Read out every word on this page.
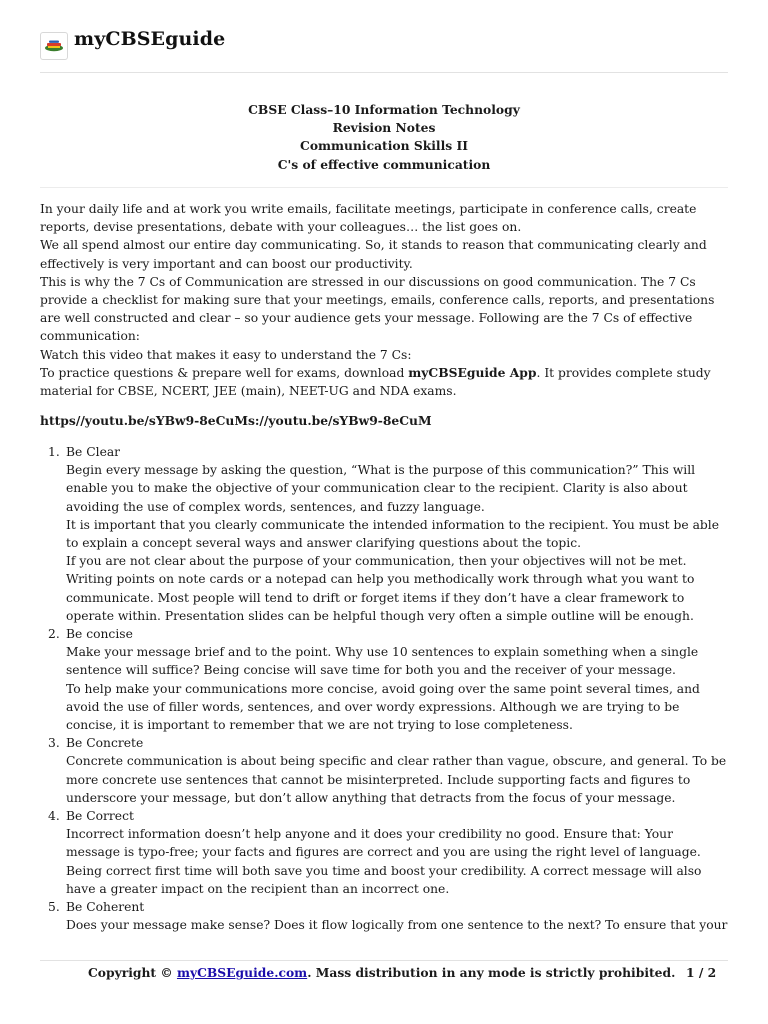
myCBSEguide
CBSE Class–10 Information Technology
Revision Notes
Communication Skills II
C's of effective communication

In your daily life and at work you write emails, facilitate meetings, participate in conference calls, create reports, devise presentations, debate with your colleagues… the list goes on.

We all spend almost our entire day communicating. So, it stands to reason that communicating clearly and effectively is very important and can boost our productivity.

This is why the 7 Cs of Communication are stressed in our discussions on good communication. The 7 Cs provide a checklist for making sure that your meetings, emails, conference calls, reports, and presentations are well constructed and clear – so your audience gets your message. Following are the 7 Cs of effective communication:

Watch this video that makes it easy to understand the 7 Cs:

To practice questions & prepare well for exams, download myCBSEguide App. It provides complete study material for CBSE, NCERT, JEE (main), NEET-UG and NDA exams.

https//youtu.be/sYBw9-8eCuMs://youtu.be/sYBw9-8eCuM
1. Be Clear

Begin every message by asking the question, “What is the purpose of this communication?” This will enable you to make the objective of your communication clear to the recipient. Clarity is also about avoiding the use of complex words, sentences, and fuzzy language.

It is important that you clearly communicate the intended information to the recipient. You must be able to explain a concept several ways and answer clarifying questions about the topic.

If you are not clear about the purpose of your communication, then your objectives will not be met.

Writing points on note cards or a notepad can help you methodically work through what you want to communicate. Most people will tend to drift or forget items if they don’t have a clear framework to operate within. Presentation slides can be helpful though very often a simple outline will be enough.

2. Be concise

Make your message brief and to the point. Why use 10 sentences to explain something when a single sentence will suffice? Being concise will save time for both you and the receiver of your message.

To help make your communications more concise, avoid going over the same point several times, and avoid the use of filler words, sentences, and over wordy expressions. Although we are trying to be concise, it is important to remember that we are not trying to lose completeness.

3. Be Concrete

Concrete communication is about being specific and clear rather than vague, obscure, and general. To be more concrete use sentences that cannot be misinterpreted. Include supporting facts and figures to underscore your message, but don’t allow anything that detracts from the focus of your message.

4. Be Correct

Incorrect information doesn’t help anyone and it does your credibility no good. Ensure that: Your message is typo-free; your facts and figures are correct and you are using the right level of language. Being correct first time will both save you time and boost your credibility. A correct message will also have a greater impact on the recipient than an incorrect one.

5. Be Coherent

Does your message make sense? Does it flow logically from one sentence to the next? To ensure that your

Copyright © myCBSEguide.com. Mass distribution in any mode is strictly prohibited. 1 / 2
